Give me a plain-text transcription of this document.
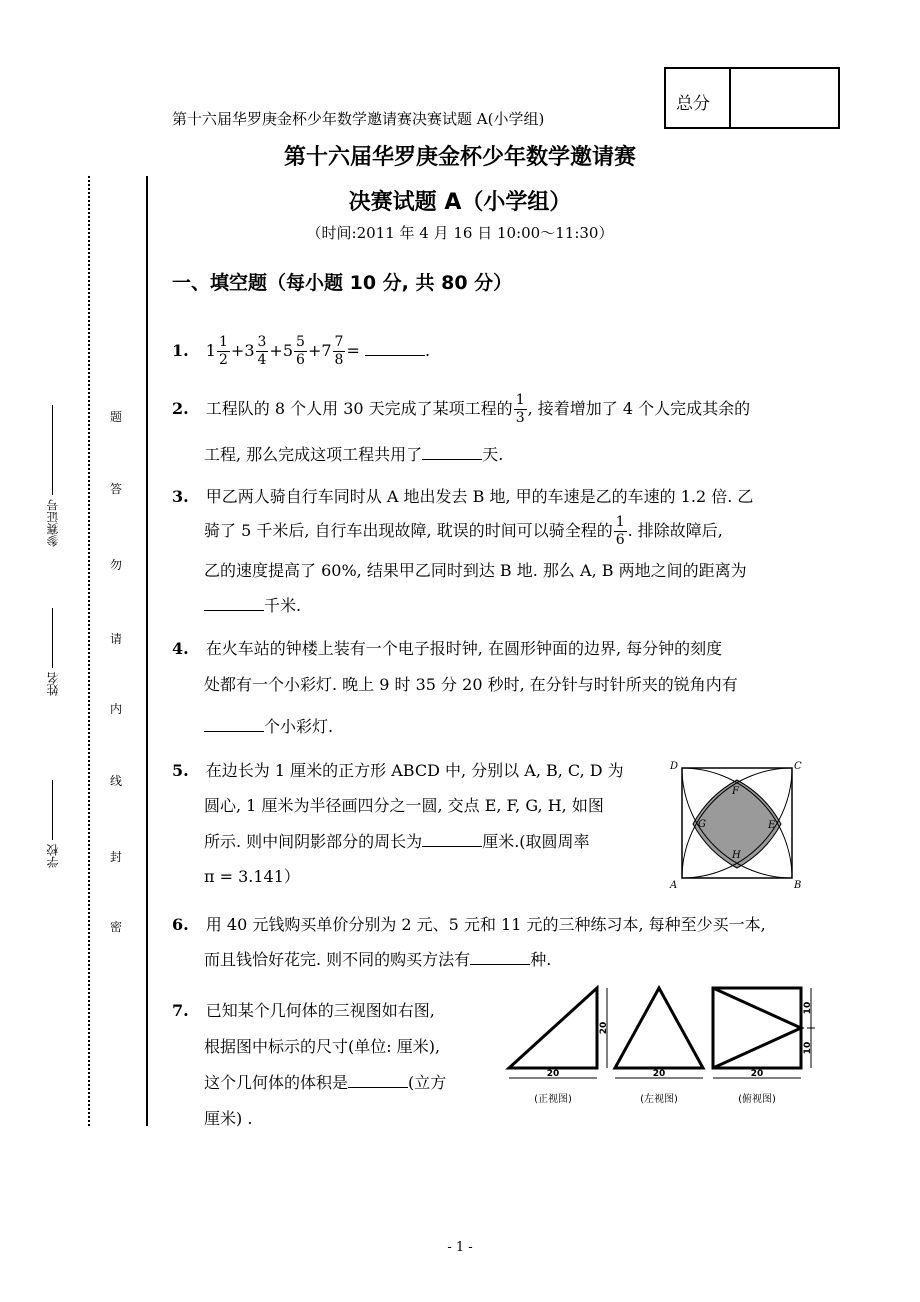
总分
第十六届华罗庚金杯少年数学邀请赛决赛试题 A(小学组)
第十六届华罗庚金杯少年数学邀请赛
决赛试题 A（小学组）
（时间:2011 年 4 月 16 日 10:00～11:30）
一、填空题（每小题 10 分, 共 80 分）
学校
姓名
参赛证号
密
封
线
内
请
勿
答
题
1. $1 \frac{1}{2} +3 \frac{3}{4} +5 \frac{5}{6} +7 \frac{7}{8}$ =	.
2. 工程队的 8 个人用 30 天完成了某项工程的 $\frac{1}{3}$ , 接着增加了 4 个人完成其余的
工程, 那么完成这项工程共用了	天.
3. 甲乙两人骑自行车同时从 A 地出发去 B 地, 甲的车速是乙的车速的 1.2 倍. 乙
骑了 5 千米后, 自行车出现故障, 耽误的时间可以骑全程的 $\frac{1}{6}$ . 排除故障后,
乙的速度提高了 60%, 结果甲乙同时到达 B 地. 那么 A, B 两地之间的距离为
千米.
4. 在火车站的钟楼上装有一个电子报时钟, 在圆形钟面的边界, 每分钟的刻度
处都有一个小彩灯. 晚上 9 时 35 分 20 秒时, 在分针与时针所夹的锐角内有
个小彩灯.
5. 在边长为 1 厘米的正方形 ABCD 中, 分别以 A, B, C, D 为
圆心, 1 厘米为半径画四分之一圆, 交点 E, F, G, H, 如图
所示. 则中间阴影部分的周长为	厘米.(取圆周率
π = 3.141）
D	C
A	B
F
G	E
H
6. 用 40 元钱购买单价分别为 2 元、5 元和 11 元的三种练习本, 每种至少买一本,
而且钱恰好花完. 则不同的购买方法有	种.
7. 已知某个几何体的三视图如右图,
根据图中标示的尺寸(单位: 厘米),
这个几何体的体积是	(立方
厘米) .
20	20	20
20
10
10
(正视图)	(左视图)	(俯视图)
- 1 -
